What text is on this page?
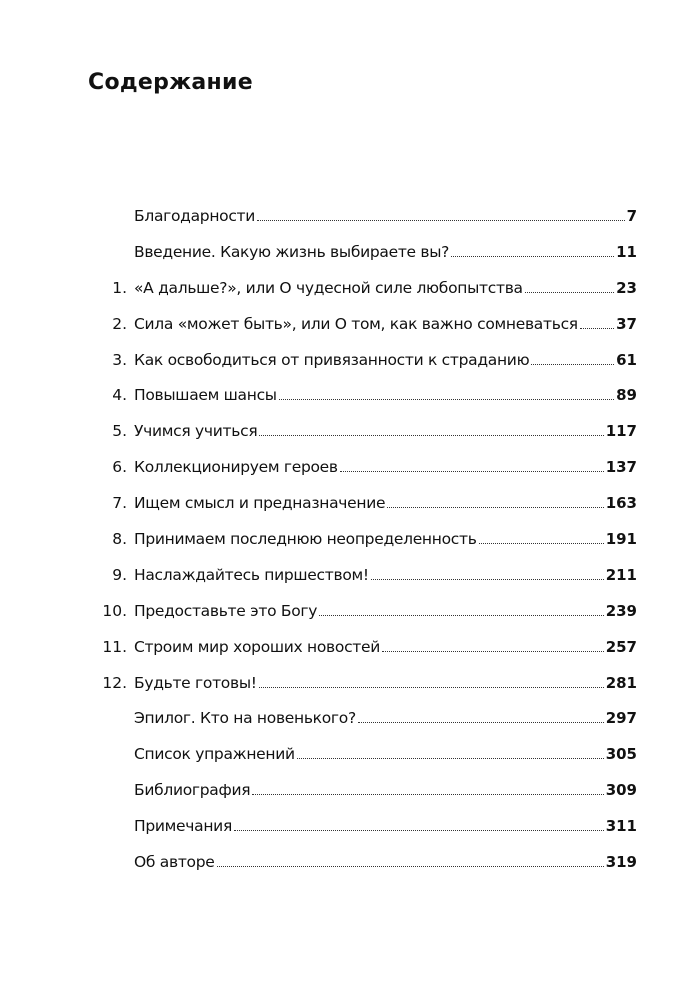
Содержание
Благодарности	7
Введение. Какую жизнь выбираете вы?	11
1. «А дальше?», или О чудесной силе любопытства	23
2. Сила «может быть», или О том, как важно сомневаться	37
3. Как освободиться от привязанности к страданию	61
4. Повышаем шансы	89
5. Учимся учиться	117
6. Коллекционируем героев	137
7. Ищем смысл и предназначение	163
8. Принимаем последнюю неопределенность	191
9. Наслаждайтесь пиршеством!	211
10. Предоставьте это Богу	239
11. Строим мир хороших новостей	257
12. Будьте готовы!	281
Эпилог. Кто на новенького?	297
Список упражнений	305
Библиография	309
Примечания	311
Об авторе	319
